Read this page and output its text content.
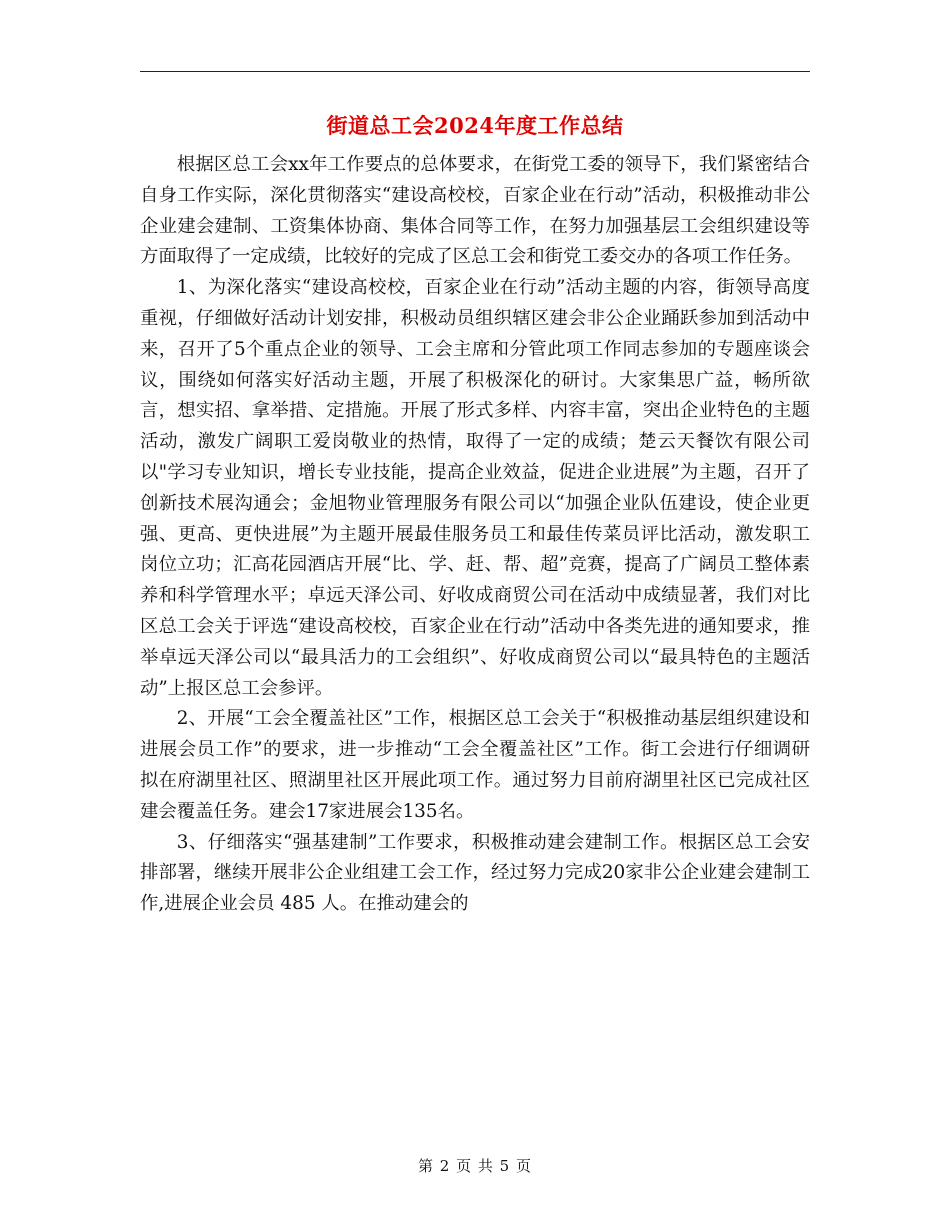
街道总工会2024年度工作总结

根据区总工会xx年工作要点的总体要求，在街党工委的领导下，我们紧密结合自身工作实际，深化贯彻落实“建设高校校，百家企业在行动”活动，积极推动非公企业建会建制、工资集体协商、集体合同等工作，在努力加强基层工会组织建设等方面取得了一定成绩，比较好的完成了区总工会和街党工委交办的各项工作任务。

1、为深化落实“建设高校校，百家企业在行动”活动主题的内容，街领导高度重视，仔细做好活动计划安排，积极动员组织辖区建会非公企业踊跃参加到活动中来，召开了5个重点企业的领导、工会主席和分管此项工作同志参加的专题座谈会议，围绕如何落实好活动主题，开展了积极深化的研讨。大家集思广益，畅所欲言，想实招、拿举措、定措施。开展了形式多样、内容丰富，突出企业特色的主题活动，激发广阔职工爱岗敬业的热情，取得了一定的成绩；楚云天餐饮有限公司以"学习专业知识，增长专业技能，提高企业效益，促进企业进展”为主题，召开了创新技术展沟通会；金旭物业管理服务有限公司以“加强企业队伍建设，使企业更强、更高、更快进展”为主题开展最佳服务员工和最佳传菜员评比活动，激发职工岗位立功；汇高花园酒店开展“比、学、赶、帮、超”竞赛，提高了广阔员工整体素养和科学管理水平；卓远天泽公司、好收成商贸公司在活动中成绩显著，我们对比区总工会关于评选“建设高校校，百家企业在行动”活动中各类先进的通知要求，推举卓远天泽公司以“最具活力的工会组织”、好收成商贸公司以“最具特色的主题活动”上报区总工会参评。

2、开展“工会全覆盖社区”工作，根据区总工会关于“积极推动基层组织建设和进展会员工作”的要求，进一步推动“工会全覆盖社区”工作。街工会进行仔细调研拟在府湖里社区、照湖里社区开展此项工作。通过努力目前府湖里社区已完成社区建会覆盖任务。建会17家进展会135名。

3、仔细落实“强基建制”工作要求，积极推动建会建制工作。根据区总工会安排部署，继续开展非公企业组建工会工作，经过努力完成20家非公企业建会建制工作,进展企业会员 485 人。在推动建会的

第 2 页 共 5 页
